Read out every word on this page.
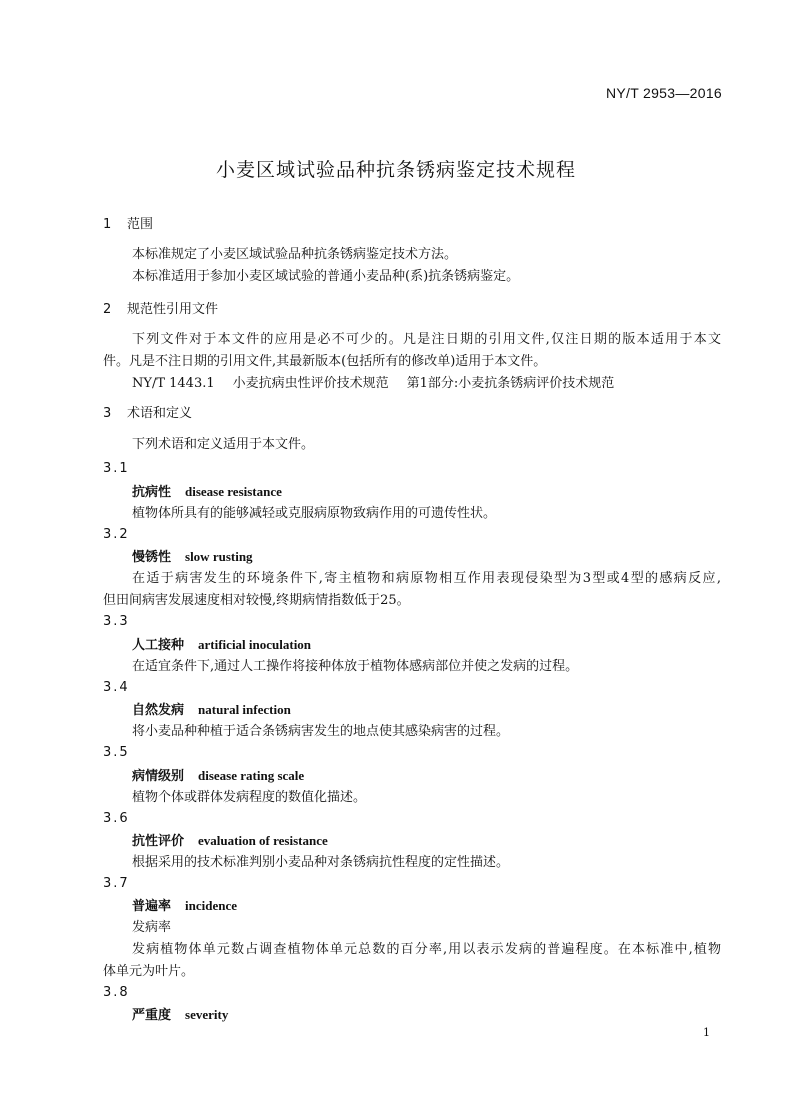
NY/T 2953—2016
小麦区域试验品种抗条锈病鉴定技术规程
1 范围
本标准规定了小麦区域试验品种抗条锈病鉴定技术方法。
本标准适用于参加小麦区域试验的普通小麦品种(系)抗条锈病鉴定。
2 规范性引用文件
下列文件对于本文件的应用是必不可少的。凡是注日期的引用文件,仅注日期的版本适用于本文
件。凡是不注日期的引用文件,其最新版本(包括所有的修改单)适用于本文件。
NY/T 1443.1 小麦抗病虫性评价技术规范 第1部分:小麦抗条锈病评价技术规范
3 术语和定义
下列术语和定义适用于本文件。
3.1
抗病性 disease resistance
植物体所具有的能够减轻或克服病原物致病作用的可遗传性状。
3.2
慢锈性 slow rusting
在适于病害发生的环境条件下,寄主植物和病原物相互作用表现侵染型为3型或4型的感病反应,
但田间病害发展速度相对较慢,终期病情指数低于25。
3.3
人工接种 artificial inoculation
在适宜条件下,通过人工操作将接种体放于植物体感病部位并使之发病的过程。
3.4
自然发病 natural infection
将小麦品种种植于适合条锈病害发生的地点使其感染病害的过程。
3.5
病情级别 disease rating scale
植物个体或群体发病程度的数值化描述。
3.6
抗性评价 evaluation of resistance
根据采用的技术标准判别小麦品种对条锈病抗性程度的定性描述。
3.7
普遍率 incidence
发病率
发病植物体单元数占调查植物体单元总数的百分率,用以表示发病的普遍程度。在本标准中,植物
体单元为叶片。
3.8
严重度 severity
1
